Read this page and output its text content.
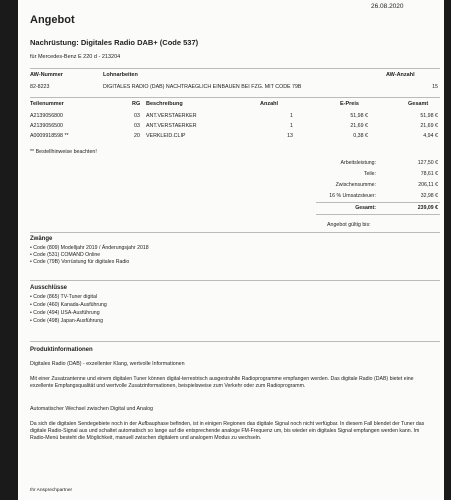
26.08.2020
Angebot
Nachrüstung: Digitales Radio DAB+ (Code 537)
für Mercedes-Benz E 220 d - 213204
AW-Nummer	Lohnarbeiten	AW-Anzahl
82-8223	DIGITALES RADIO (DAB) NACHTRAEGLICH EINBAUEN BEI FZG. MIT CODE 79B	15
Teilenummer	RG Beschreibung	Anzahl	E-Preis	Gesamt
A2139056800	03 ANT.VERSTAERKER	1	51,98 €	51,98 €
A2139056500	03 ANT.VERSTAERKER	1	21,69 €	21,69 €
A0009918598 **	20 VERKLEID.CLIP	13	0,38 €	4,94 €
** Bestellhinweise beachten!
Arbeitsleistung:	127,50 €
Teile:	78,61 €
Zwischensumme:	206,11 €
16 % Umsatzsteuer:	32,98 €
Gesamt:	239,09 €
Angebot gültig bis:
Zwänge
• Code (809) Modelljahr 2019 / Änderungsjahr 2018
• Code (531) COMAND Online
• Code (79B) Vorrüstung für digitales Radio
Ausschlüsse
• Code (865) TV-Tuner digital
• Code (460) Kanada-Ausführung
• Code (494) USA-Ausführung
• Code (498) Japan-Ausführung
Produktinformationen
Digitales Radio (DAB) - exzellenter Klang, wertvolle Informationen
Mit einer Zusatzantenne und einem digitalen Tuner können digital-terrestrisch ausgestrahlte Radioprogramme empfangen werden. Das digitale Radio (DAB) bietet eine exzellente Empfangsqualität und wertvolle Zusatzinformationen, beispielsweise zum Verkehr oder zum Radioprogramm.
Automatischer Wechsel zwischen Digital und Analog
Da sich die digitalen Sendegebiete noch in der Aufbauphase befinden, ist in einigen Regionen das digitale Signal noch nicht verfügbar. In diesem Fall blendet der Tuner das digitale Radio-Signal aus und schaltet automatisch so lange auf die entsprechende analoge FM-Frequenz um, bis wieder ein digitales Signal empfangen werden kann. Im Radio-Menü besteht die Möglichkeit, manuell zwischen digitalem und analogem Modus zu wechseln.
Ihr Ansprechpartner
